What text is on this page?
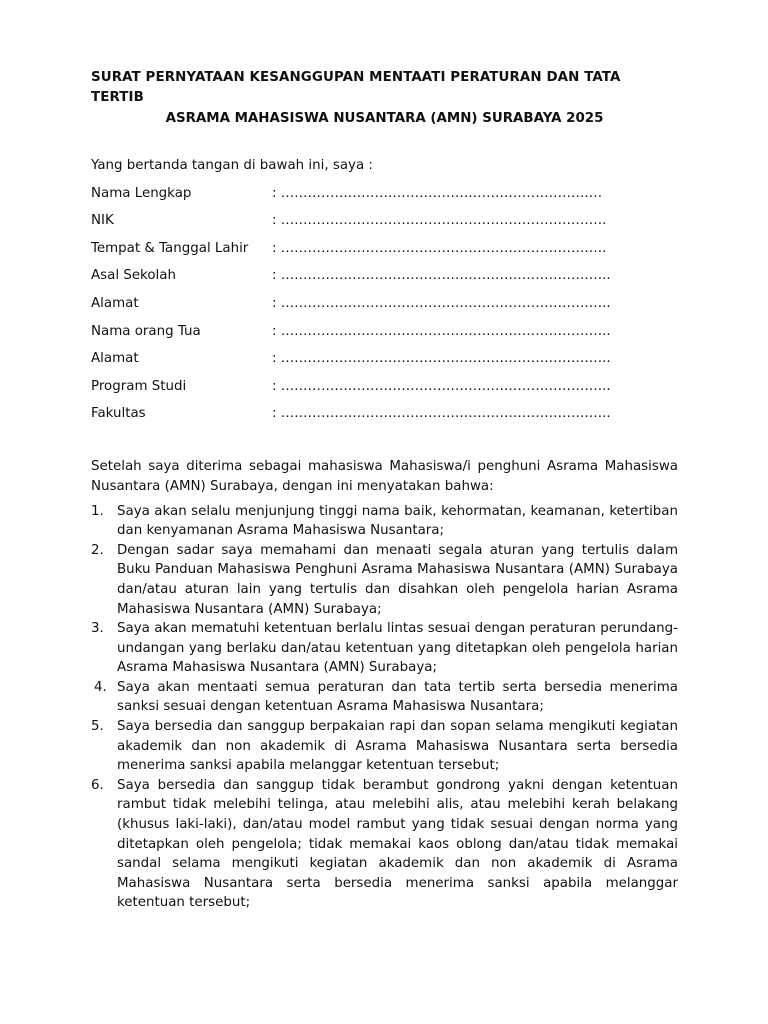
SURAT PERNYATAAN KESANGGUPAN MENTAATI PERATURAN DAN TATA TERTIB
ASRAMA MAHASISWA NUSANTARA (AMN) SURABAYA 2025
Yang bertanda tangan di bawah ini, saya :
Nama Lengkap	: ………………………………………………………………
NIK	: ……………………………………………………………….
Tempat & Tanggal Lahir	: ……………………………………………………………….
Asal Sekolah	: ………………………………………………………………..
Alamat	: ………………………………………………………………..
Nama orang Tua	: ………………………………………………………………..
Alamat	: ………………………………………………………………..
Program Studi	: ………………………………………………………………..
Fakultas	: ………………………………………………………………..
Setelah saya diterima sebagai mahasiswa Mahasiswa/i penghuni Asrama Mahasiswa Nusantara (AMN) Surabaya, dengan ini menyatakan bahwa:
1. Saya akan selalu menjunjung tinggi nama baik, kehormatan, keamanan, ketertiban dan kenyamanan Asrama Mahasiswa Nusantara;
2. Dengan sadar saya memahami dan menaati segala aturan yang tertulis dalam Buku Panduan Mahasiswa Penghuni Asrama Mahasiswa Nusantara (AMN) Surabaya dan/atau aturan lain yang tertulis dan disahkan oleh pengelola harian Asrama Mahasiswa Nusantara (AMN) Surabaya;
3. Saya akan mematuhi ketentuan berlalu lintas sesuai dengan peraturan perundang-undangan yang berlaku dan/atau ketentuan yang ditetapkan oleh pengelola harian Asrama Mahasiswa Nusantara (AMN) Surabaya;
4. Saya akan mentaati semua peraturan dan tata tertib serta bersedia menerima sanksi sesuai dengan ketentuan Asrama Mahasiswa Nusantara;
5. Saya bersedia dan sanggup berpakaian rapi dan sopan selama mengikuti kegiatan akademik dan non akademik di Asrama Mahasiswa Nusantara serta bersedia menerima sanksi apabila melanggar ketentuan tersebut;
6. Saya bersedia dan sanggup tidak berambut gondrong yakni dengan ketentuan rambut tidak melebihi telinga, atau melebihi alis, atau melebihi kerah belakang (khusus laki-laki), dan/atau model rambut yang tidak sesuai dengan norma yang ditetapkan oleh pengelola; tidak memakai kaos oblong dan/atau tidak memakai sandal selama mengikuti kegiatan akademik dan non akademik di Asrama Mahasiswa Nusantara serta bersedia menerima sanksi apabila melanggar ketentuan tersebut;
